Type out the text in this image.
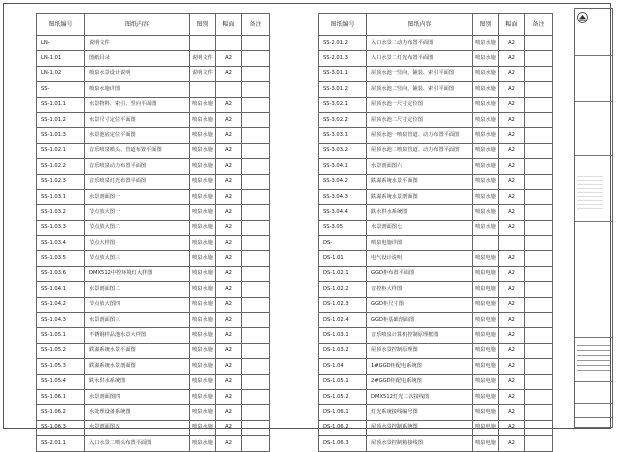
图纸编号	图纸内容	图别	幅面	备注
LN-	说明文件			
LN-1.01	图纸目录	说明文件	A2	
LN-1.02	喷泉水景设计说明	说明文件	A2	
SS-	喷泉水施详图			
SS-1.01.1	水景物料、索引、竖向平面图	喷泉水施	A2	
SS-1.01.2	水景尺寸定位平面图	喷泉水施	A2	
SS-1.01.3	水景池底定位平面图	喷泉水施	A2	
SS-1.02.1	音乐喷泉喷头、管道布置平面图	喷泉水施	A2	
SS-1.02.2	音乐喷泉动力布置平面图	喷泉水施	A2	
SS-1.02.3	音乐喷泉灯光布置平面图	喷泉水施	A2	
SS-1.03.1	水景剖面图一	喷泉水施	A2	
SS-1.03.2	节点放大图一	喷泉水施	A2	
SS-1.03.3	节点放大图二	喷泉水施	A2	
SS-1.03.4	节点大样图	喷泉水施	A2	
SS-1.03.5	节点放大图三	喷泉水施	A2	
SS-1.03.6	DMX512中控环境灯大样图	喷泉水施	A2	
SS-1.04.1	水景剖面图二	喷泉水施	A2	
SS-1.04.2	节点放大图四	喷泉水施	A2	
SS-1.04.3	水景剖面图三	喷泉水施	A2	
SS-1.05.1	不锈钢样品池水景大样图	喷泉水施	A2	
SS-1.05.2	跌瀑系统水景平面图	喷泉水施	A2	
SS-1.05.3	跌瀑系统水景剖面图	喷泉水施	A2	
SS-1.05.4	跌水供水系统图	喷泉水施	A2	
SS-1.06.1	水景剖面图四	喷泉水施	A2	
SS-1.06.2	水处理设备系统图	喷泉水施	A2	
SS-1.06.3	水景剖面图五	喷泉水施	A2	
SS-2.01.1	入口水景二喷头布置平面图	喷泉水施	A2	
图纸编号	图纸内容	图别	幅面	备注
SS-2.01.2	入口水景二动力布置平面图	喷泉水施	A2	
SS-2.01.3	入口水景二灯光布置平面图	喷泉水施	A2	
SS-3.01.1	屋顶水池一竖向、铺装、索引平面图	喷泉水施	A2	
SS-3.01.2	屋顶水池二竖向、铺装、索引平面图	喷泉水施	A2	
SS-3.02.1	屋顶水池一尺寸定位图	喷泉水施	A2	
SS-3.02.2	屋顶水池二尺寸定位图	喷泉水施	A2	
SS-3.03.1	屋顶水池一喷泉管道、动力布置平面图	喷泉水施	A2	
SS-3.03.2	屋顶水池二喷泉管道、动力布置平面图	喷泉水施	A2	
SS-3.04.1	水景剖面图六	喷泉水施	A2	
SS-3.04.2	跌瀑系统水景平面图	喷泉水施	A2	
SS-3.04.3	跌瀑系统水景剖面图	喷泉水施	A2	
SS-3.04.4	跌水供水系统图	喷泉水施	A2	
SS-3.05	水景剖面图七	喷泉水施	A2	
DS-	喷泉电施详图			
DS-1.01	电气设计说明	喷泉电施	A2	
DS-1.02.1	GGD柜布置平面图	喷泉电施	A2	
DS-1.02.2	音控柜大样图	喷泉电施	A2	
DS-1.02.3	GGD柜尺寸图	喷泉电施	A2	
DS-1.02.4	GGD柜基础剖面图	喷泉电施	A2	
DS-1.03.1	音乐喷泉计算机控制原理框图	喷泉电施	A2	
DS-1.03.2	屋顶水景控制原理图	喷泉电施	A2	
DS-1.04	1#GGD柜配电系统图	喷泉电施	A2	
DS-1.05.1	2#GGD柜配电系统图	喷泉电施	A2	
DS-1.05.2	DMX512灯光二次接线图	喷泉电施	A2	
DS-1.06.1	灯光系统接线编号图	喷泉电施	A2	
DS-1.06.2	屋顶水景控制系统图	喷泉电施	A2	
DS-1.06.3	屋顶水景控制箱接线图	喷泉电施	A2	
————————————
————————————
————————————
————————————
————————————
————————————
————————————
————————————
————————————
